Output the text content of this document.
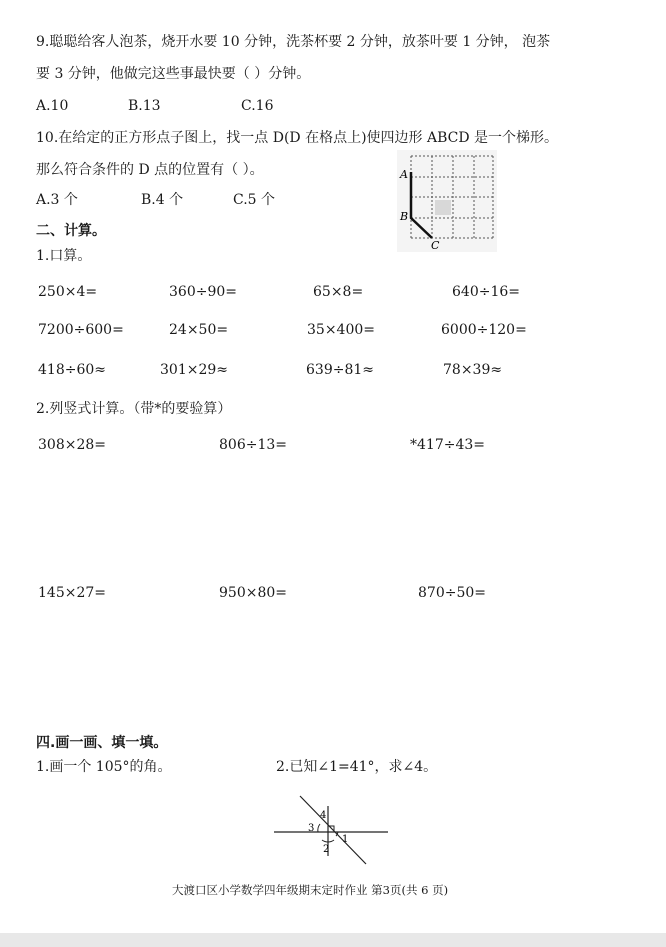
9.聪聪给客人泡茶，烧开水要 10 分钟，洗茶杯要 2 分钟，放茶叶要 1 分钟， 泡茶
要 3 分钟，他做完这些事最快要（ ）分钟。
A.10	B.13	C.16
10.在给定的正方形点子图上，找一点 D(D 在格点上)使四边形 ABCD 是一个梯形。
那么符合条件的 D 点的位置有（ ）。
A.3 个	B.4 个	C.5 个
A
B
C
二、计算。
1.口算。
250×4=	360÷90=	65×8=	640÷16=
7200÷600=	24×50=	35×400=	6000÷120=
418÷60≈	301×29≈	639÷81≈	78×39≈
2.列竖式计算。（带*的要验算）
308×28=	806÷13=	*417÷43=
145×27=	950×80=	870÷50=
四.画一画、填一填。
1.画一个 105°的角。	2.已知∠1=41°，求∠4。
4
3
2
1
大渡口区小学数学四年级期末定时作业 第3页(共 6 页)
